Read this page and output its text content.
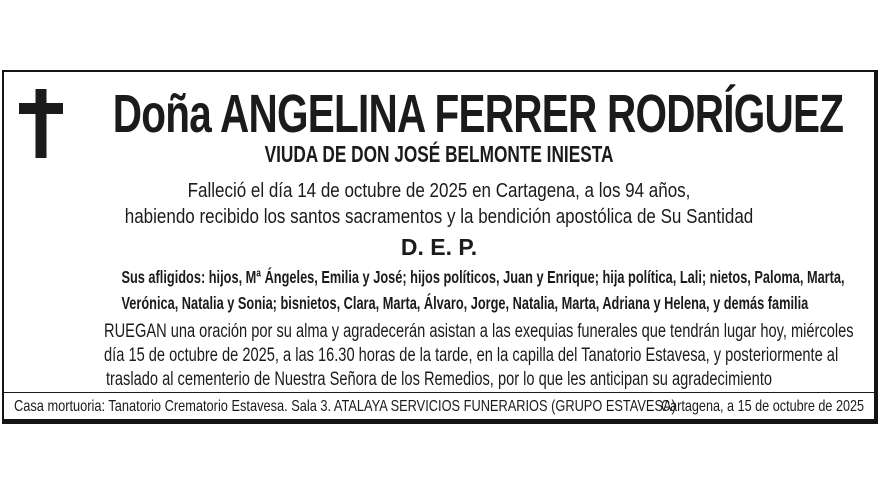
Doña ANGELINA FERRER RODRÍGUEZ
VIUDA DE DON JOSÉ BELMONTE INIESTA
Falleció el día 14 de octubre de 2025 en Cartagena, a los 94 años,
habiendo recibido los santos sacramentos y la bendición apostólica de Su Santidad
D. E. P.
Sus afligidos: hijos, Mª Ángeles, Emilia y José; hijos políticos, Juan y Enrique; hija política, Lali; nietos, Paloma, Marta,
Verónica, Natalia y Sonia; bisnietos, Clara, Marta, Álvaro, Jorge, Natalia, Marta, Adriana y Helena, y demás familia
RUEGAN una oración por su alma y agradecerán asistan a las exequias funerales que tendrán lugar hoy, miércoles
día 15 de octubre de 2025, a las 16.30 horas de la tarde, en la capilla del Tanatorio Estavesa, y posteriormente al
traslado al cementerio de Nuestra Señora de los Remedios, por lo que les anticipan su agradecimiento
Casa mortuoria: Tanatorio Crematorio Estavesa. Sala 3. ATALAYA SERVICIOS FUNERARIOS (GRUPO ESTAVESA)
Cartagena, a 15 de octubre de 2025
